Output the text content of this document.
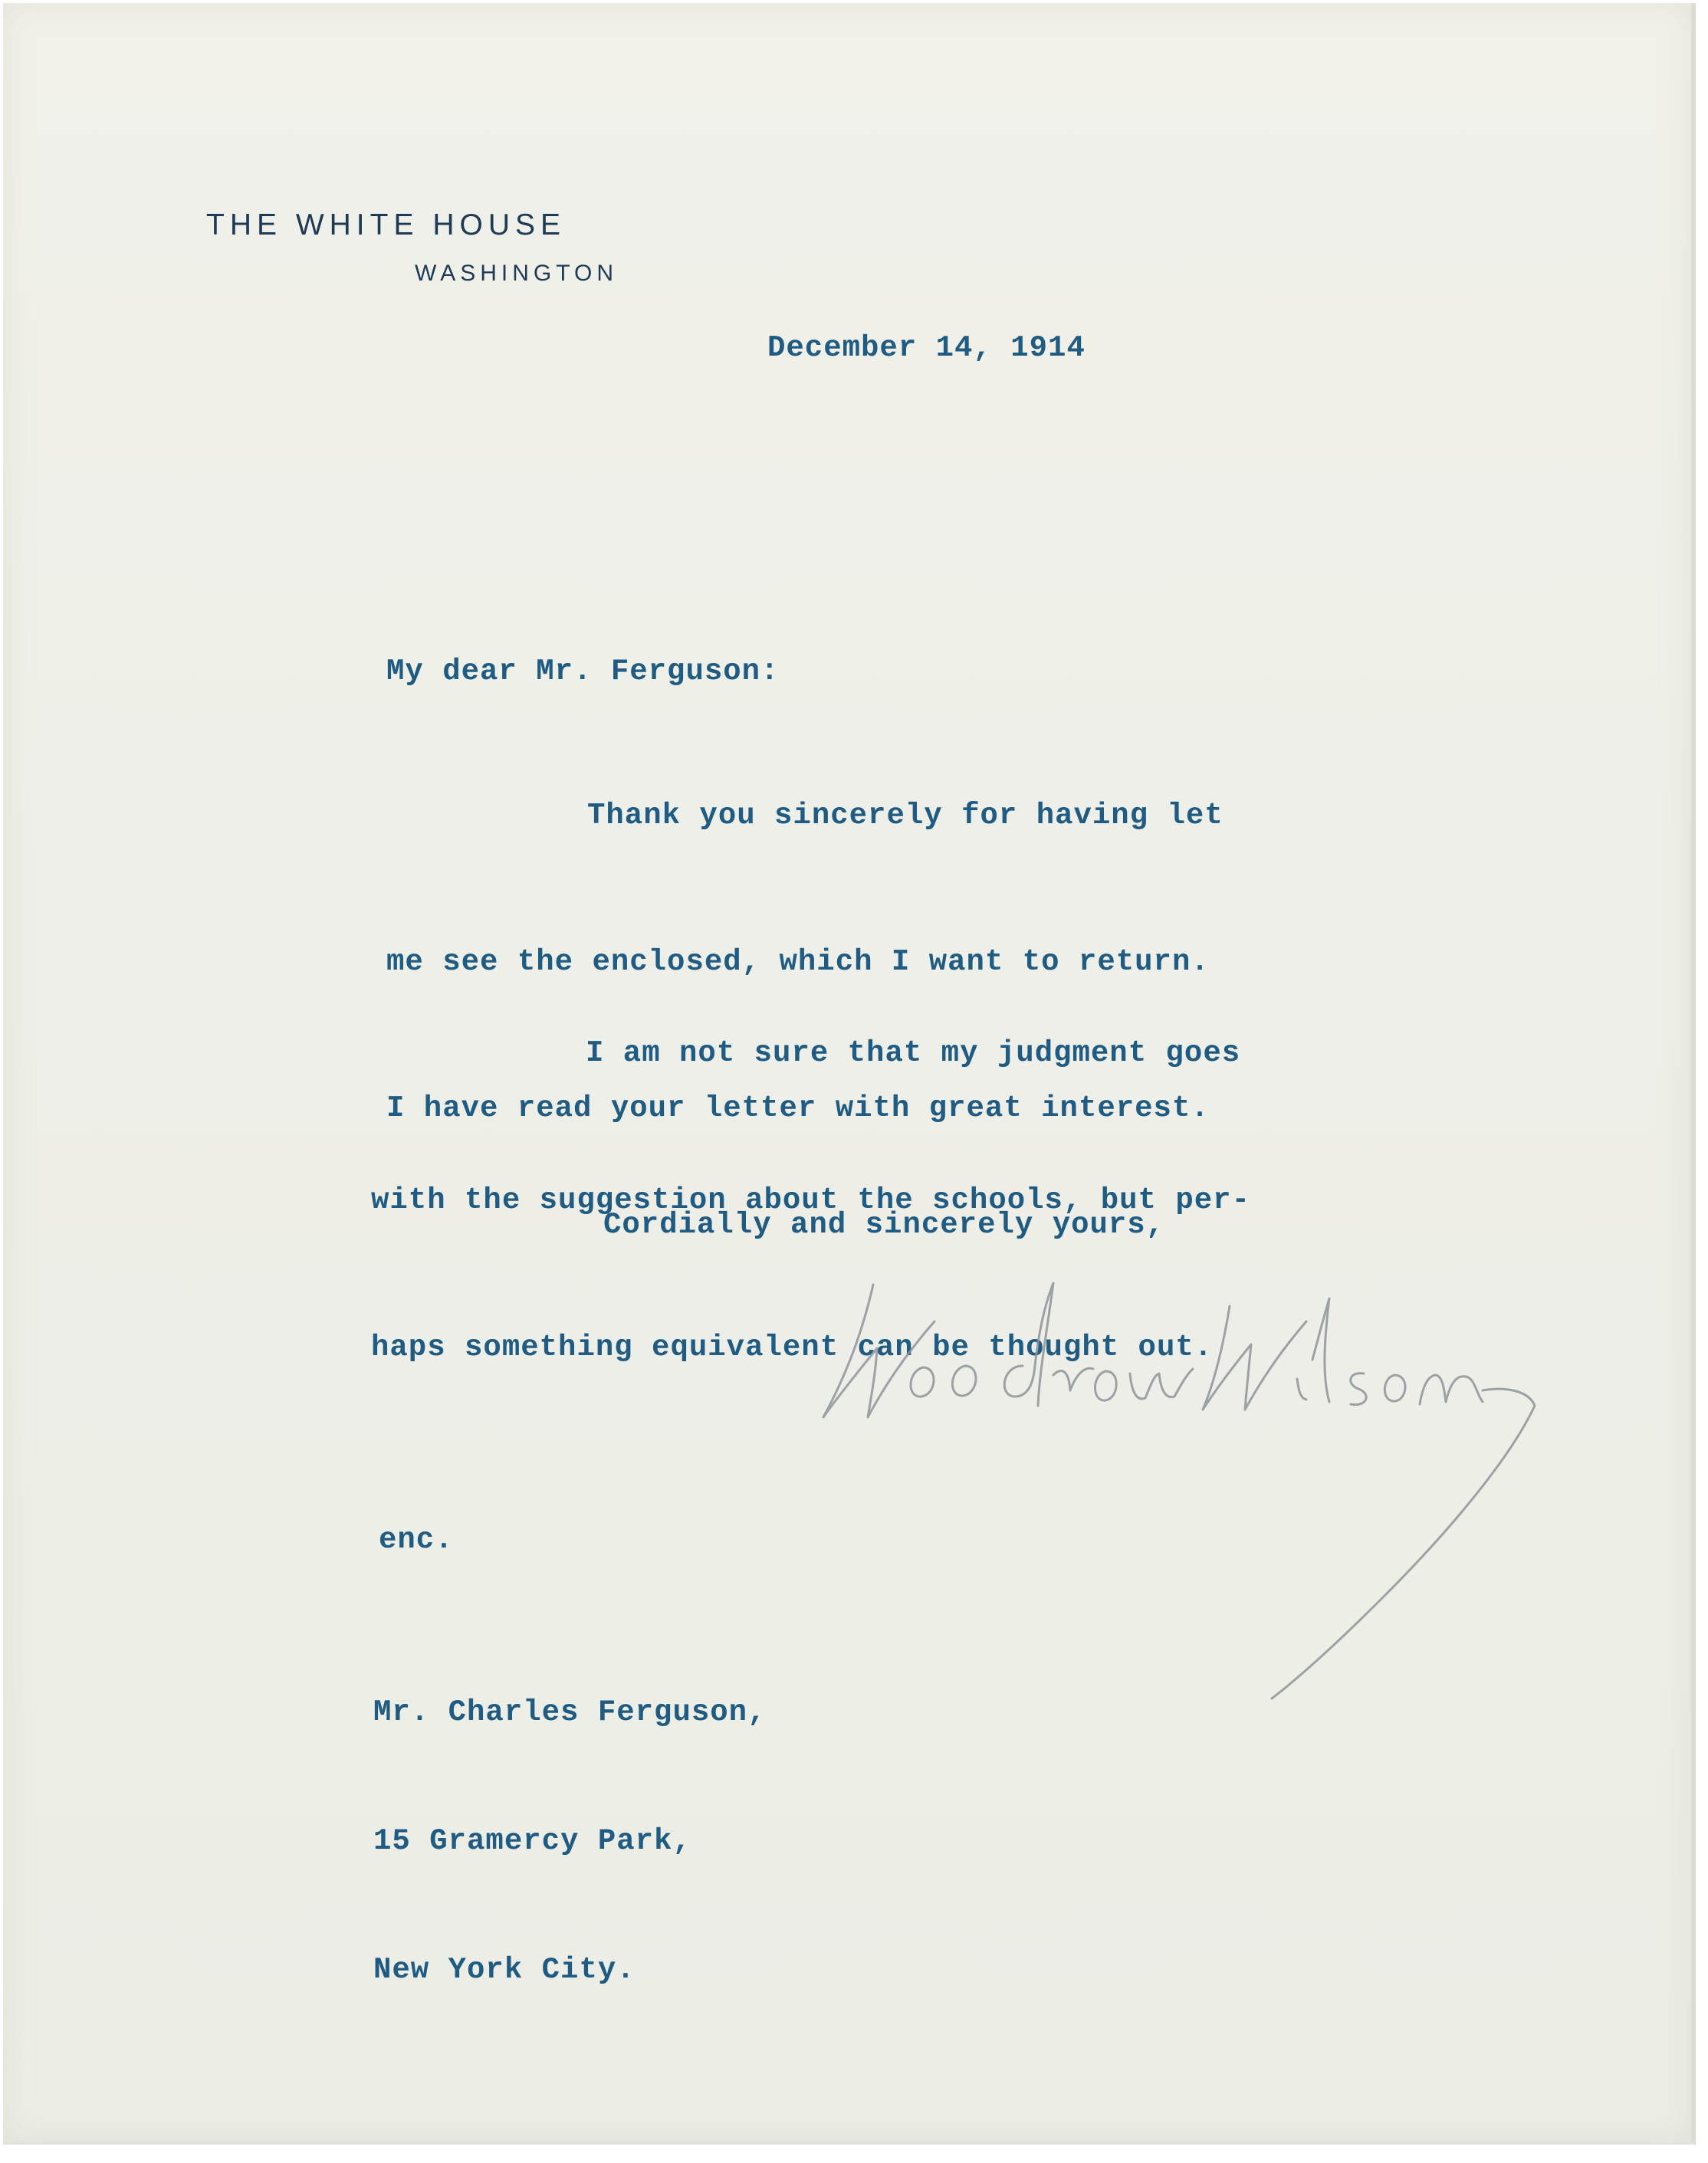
THE WHITE HOUSE
WASHINGTON
December 14, 1914
My dear Mr. Ferguson:

Thank you sincerely for having let

me see the enclosed, which I want to return.

I have read your letter with great interest.

I am not sure that my judgment goes

with the suggestion about the schools, but per-

haps something equivalent can be thought out.

Cordially and sincerely yours,
enc.

Mr. Charles Ferguson,

15 Gramercy Park,

New York City.
